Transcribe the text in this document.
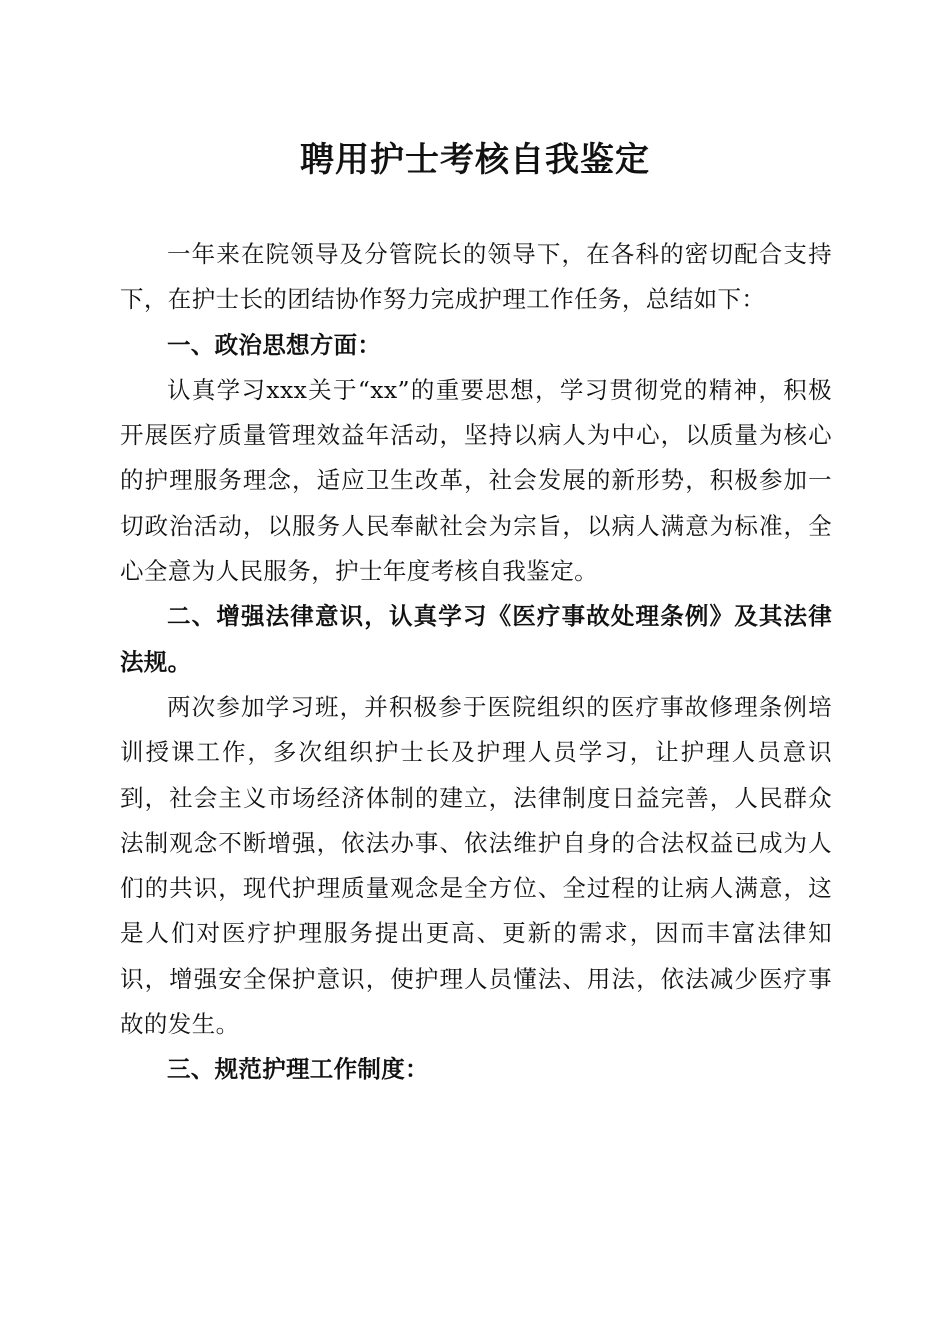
聘用护士考核自我鉴定

一年来在院领导及分管院长的领导下，在各科的密切配合支持下，在护士长的团结协作努力完成护理工作任务，总结如下：

一、政治思想方面：

认真学习xxx关于“xx”的重要思想，学习贯彻党的精神，积极开展医疗质量管理效益年活动，坚持以病人为中心，以质量为核心的护理服务理念，适应卫生改革，社会发展的新形势，积极参加一切政治活动，以服务人民奉献社会为宗旨，以病人满意为标准，全心全意为人民服务，护士年度考核自我鉴定。

二、增强法律意识，认真学习《医疗事故处理条例》及其法律法规。

两次参加学习班，并积极参于医院组织的医疗事故修理条例培训授课工作，多次组织护士长及护理人员学习，让护理人员意识到，社会主义市场经济体制的建立，法律制度日益完善，人民群众法制观念不断增强，依法办事、依法维护自身的合法权益已成为人们的共识，现代护理质量观念是全方位、全过程的让病人满意，这是人们对医疗护理服务提出更高、更新的需求，因而丰富法律知识，增强安全保护意识，使护理人员懂法、用法，依法减少医疗事故的发生。

三、规范护理工作制度：
